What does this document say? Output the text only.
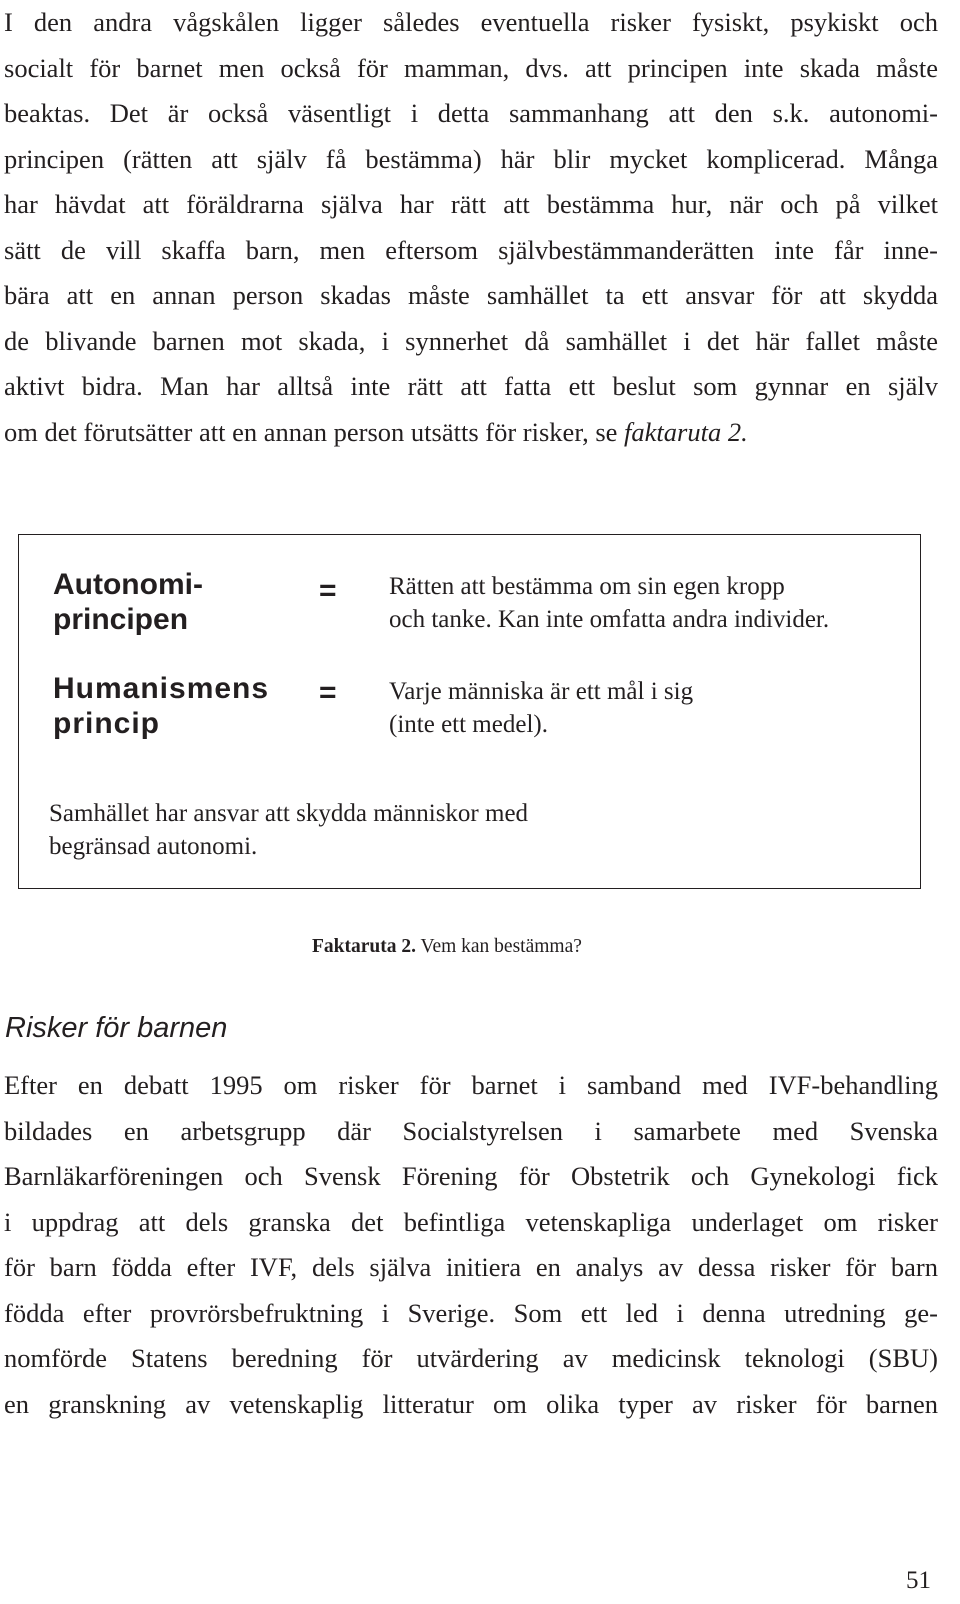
I den andra vågskålen ligger således eventuella risker fysiskt, psykiskt och
socialt för barnet men också för mamman, dvs. att principen inte skada måste
beaktas. Det är också väsentligt i detta sammanhang att den s.k. autonomi-
principen (rätten att själv få bestämma) här blir mycket komplicerad. Många
har hävdat att föräldrarna själva har rätt att bestämma hur, när och på vilket
sätt de vill skaffa barn, men eftersom självbestämmanderätten inte får inne-
bära att en annan person skadas måste samhället ta ett ansvar för att skydda
de blivande barnen mot skada, i synnerhet då samhället i det här fallet måste
aktivt bidra. Man har alltså inte rätt att fatta ett beslut som gynnar en själv
om det förutsätter att en annan person utsätts för risker, se faktaruta 2.

Autonomi-
principen
= Rätten att bestämma om sin egen kropp
och tanke. Kan inte omfatta andra individer.
Humanismens
princip
= Varje människa är ett mål i sig
(inte ett medel).
Samhället har ansvar att skydda människor med
begränsad autonomi.
Faktaruta 2. Vem kan bestämma?
Risker för barnen

Efter en debatt 1995 om risker för barnet i samband med IVF-behandling
bildades en arbetsgrupp där Socialstyrelsen i samarbete med Svenska
Barnläkarföreningen och Svensk Förening för Obstetrik och Gynekologi fick
i uppdrag att dels granska det befintliga vetenskapliga underlaget om risker
för barn födda efter IVF, dels själva initiera en analys av dessa risker för barn
födda efter provrörsbefruktning i Sverige. Som ett led i denna utredning ge-
nomförde Statens beredning för utvärdering av medicinsk teknologi (SBU)
en granskning av vetenskaplig litteratur om olika typer av risker för barnen

51
